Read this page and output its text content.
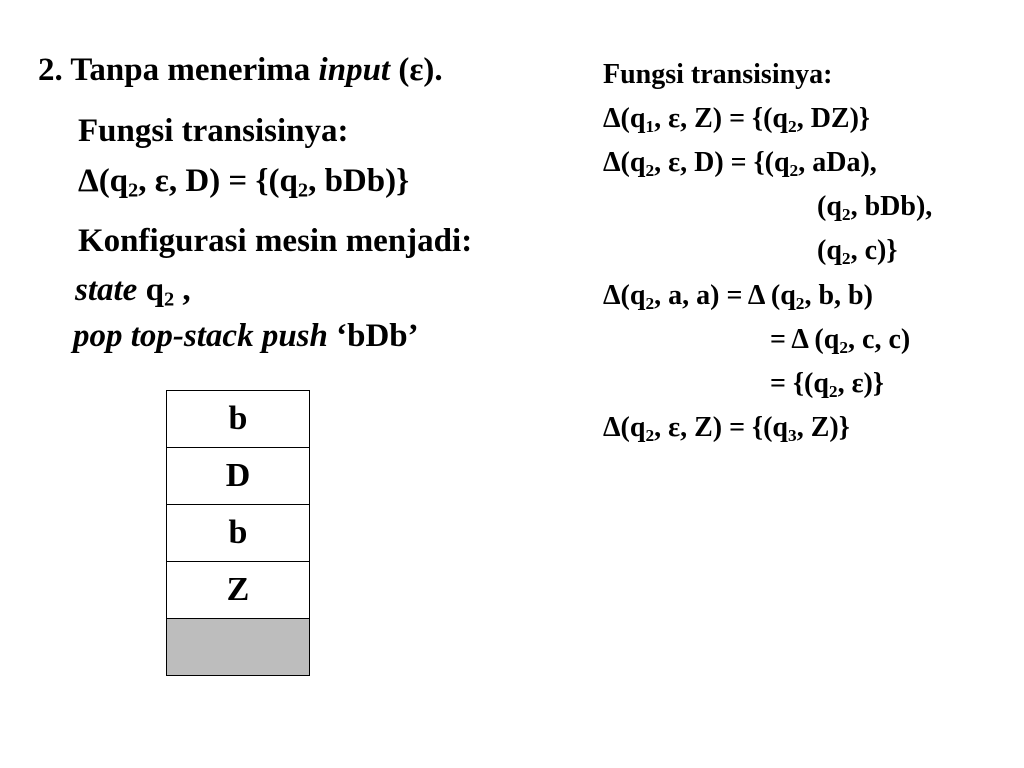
2. Tanpa menerima input (ε).
Fungsi transisinya:
$\Delta(q_2$, ε, $D) = \{(q_2$, bDb)}
Konfigurasi mesin menjadi:
state $q_2$ ,
pop top-stack push ‘bDb’
b
D
b
Z
Fungsi transisinya:
$\Delta(q_1$, ε, $Z) = \{(q_2$, DZ)}
$\Delta(q_2$, ε, $D) = \{(q_2$, aDa),
($q_2$, bDb),
($q_2$, c)}
$\Delta(q_2$, a, a) = Δ ($q_2$, b, b)
= Δ ($q_2$, c, c)
= {($q_2$, ε)}
$\Delta(q_2$, ε, $Z) = \{(q_3$, Z)}
